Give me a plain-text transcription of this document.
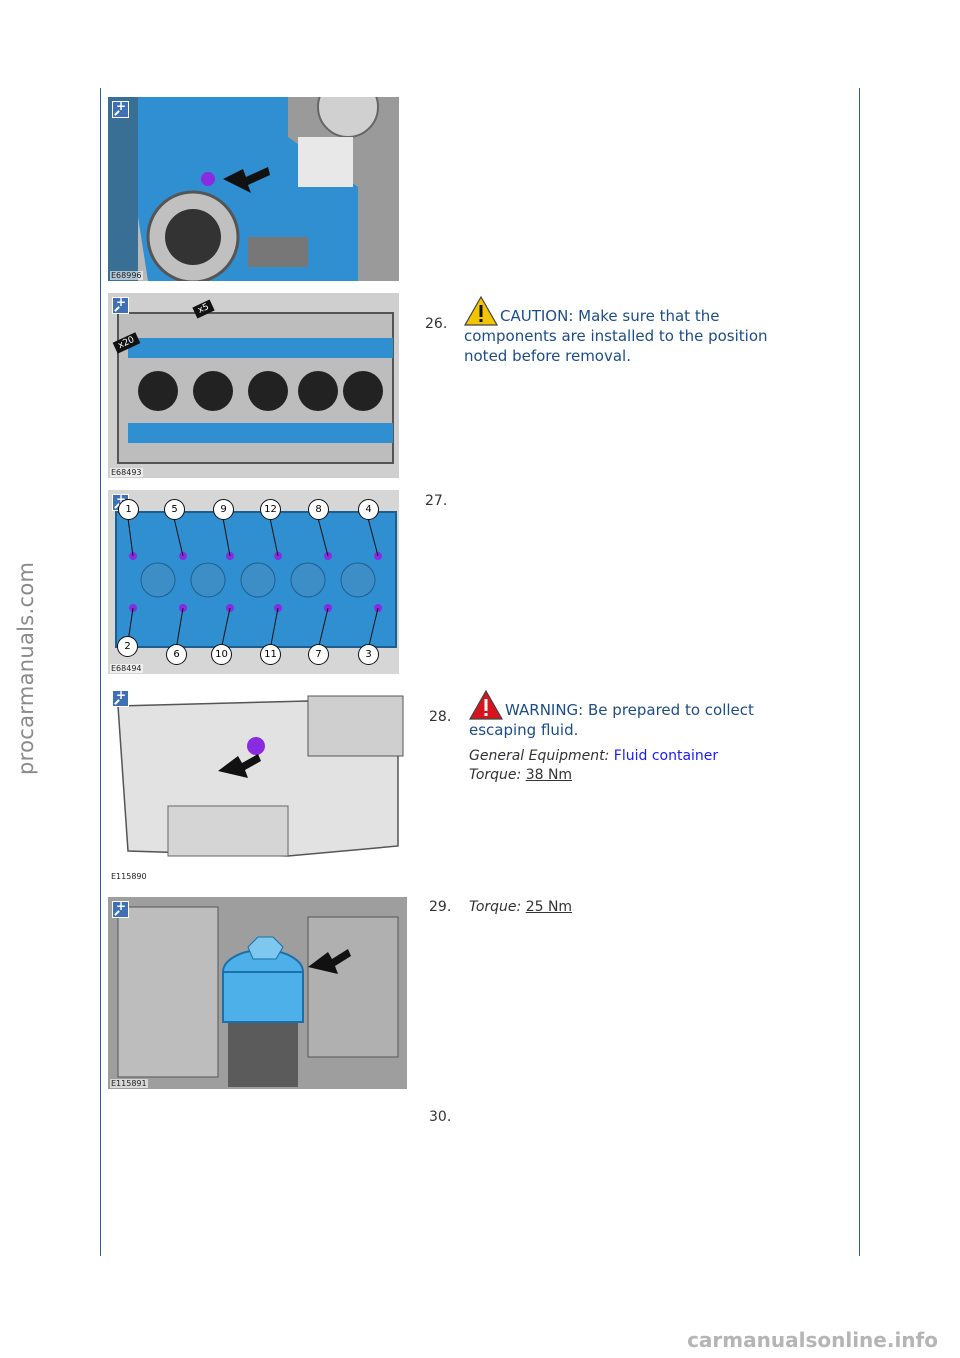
procarmanuals.com
+
E68996
+
x5
x20
E68493
26.	CAUTION: Make sure that the
components are installed to the position
noted before removal.
+
1	5	9	12	8	4
2
6	10	11	7	3
E68494
27.
+
E115890
28.	WARNING: Be prepared to collect
escaping fluid.
General Equipment: Fluid container
Torque: 38 Nm
+
E115891
29. Torque: 25 Nm
30.
carmanualsonline.info
